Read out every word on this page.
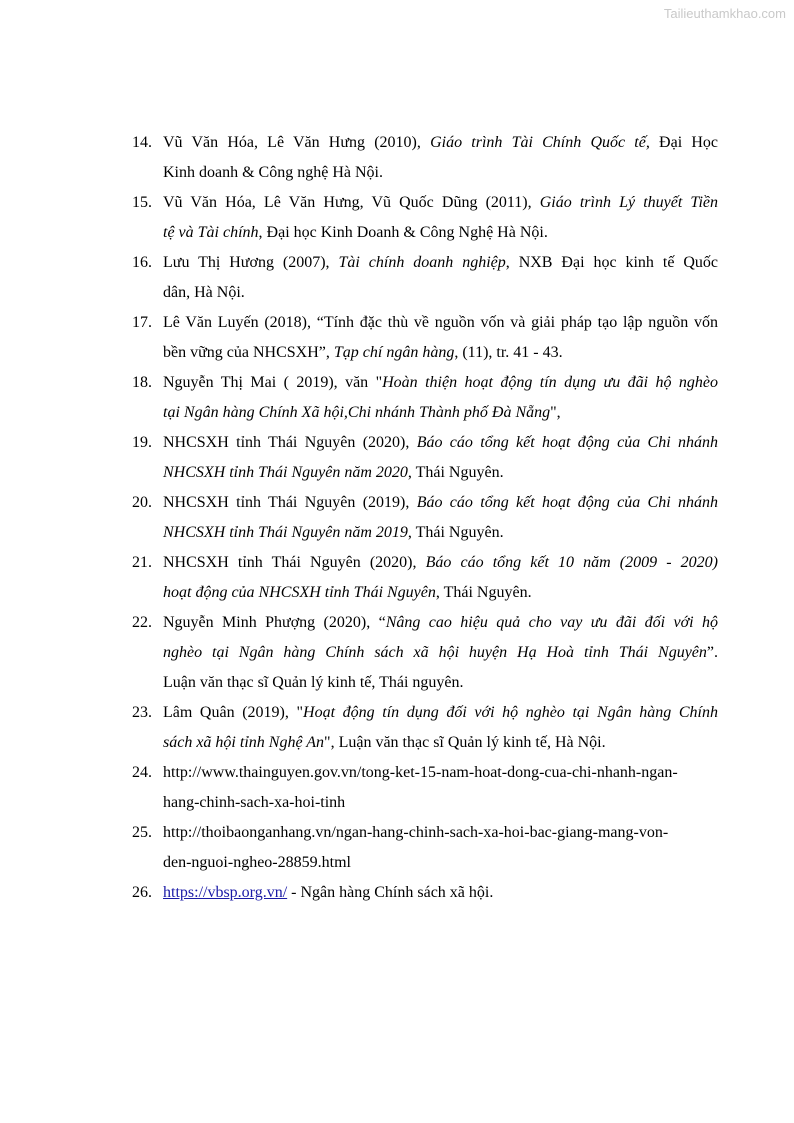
Tailieuthamkhao.com
14. Vũ Văn Hóa, Lê Văn Hưng (2010), Giáo trình Tài Chính Quốc tế, Đại Học
Kinh doanh & Công nghệ Hà Nội.
15. Vũ Văn Hóa, Lê Văn Hưng, Vũ Quốc Dũng (2011), Giáo trình Lý thuyết Tiền
tệ và Tài chính, Đại học Kinh Doanh & Công Nghệ Hà Nội.
16. Lưu Thị Hương (2007), Tài chính doanh nghiệp, NXB Đại học kinh tế Quốc
dân, Hà Nội.
17. Lê Văn Luyến (2018), “Tính đặc thù về nguồn vốn và giải pháp tạo lập nguồn vốn
bền vững của NHCSXH”, Tạp chí ngân hàng, (11), tr. 41 - 43.
18. Nguyễn Thị Mai ( 2019), văn "Hoàn thiện hoạt động tín dụng ưu đãi hộ nghèo
tại Ngân hàng Chính Xã hội,Chi nhánh Thành phố Đà Nẵng",
19. NHCSXH tỉnh Thái Nguyên (2020), Báo cáo tổng kết hoạt động của Chi nhánh
NHCSXH tỉnh Thái Nguyên năm 2020, Thái Nguyên.
20. NHCSXH tỉnh Thái Nguyên (2019), Báo cáo tổng kết hoạt động của Chi nhánh
NHCSXH tỉnh Thái Nguyên năm 2019, Thái Nguyên.
21. NHCSXH tỉnh Thái Nguyên (2020), Báo cáo tổng kết 10 năm (2009 - 2020)
hoạt động của NHCSXH tỉnh Thái Nguyên, Thái Nguyên.
22. Nguyễn Minh Phượng (2020), “Nâng cao hiệu quả cho vay ưu đãi đối với hộ
nghèo tại Ngân hàng Chính sách xã hội huyện Hạ Hoà tỉnh Thái Nguyên”.
Luận văn thạc sĩ Quản lý kinh tế, Thái nguyên.
23. Lâm Quân (2019), "Hoạt động tín dụng đối với hộ nghèo tại Ngân hàng Chính
sách xã hội tỉnh Nghệ An", Luận văn thạc sĩ Quản lý kinh tế, Hà Nội.
24. http://www.thainguyen.gov.vn/tong-ket-15-nam-hoat-dong-cua-chi-nhanh-ngan-
hang-chinh-sach-xa-hoi-tinh
25. http://thoibaonganhang.vn/ngan-hang-chinh-sach-xa-hoi-bac-giang-mang-von-
den-nguoi-ngheo-28859.html
26. https://vbsp.org.vn/ - Ngân hàng Chính sách xã hội.
